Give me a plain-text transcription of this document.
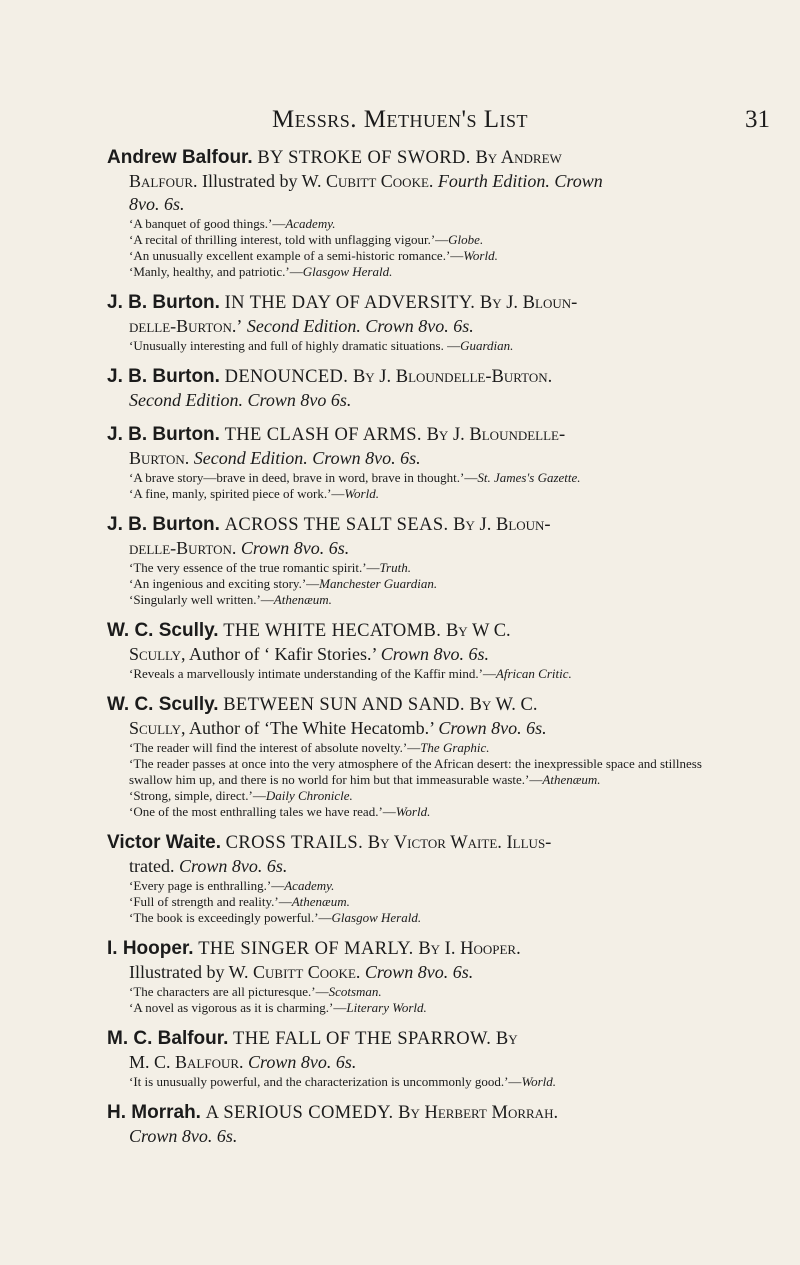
Messrs. Methuen's List	31
Andrew Balfour. BY STROKE OF SWORD. By Andrew
Balfour. Illustrated by W. Cubitt Cooke. Fourth Edition. Crown
8vo. 6s.
‘A banquet of good things.’—Academy.
‘A recital of thrilling interest, told with unflagging vigour.’—Globe.
‘An unusually excellent example of a semi-historic romance.’—World.
‘Manly, healthy, and patriotic.’—Glasgow Herald.
J. B. Burton. IN THE DAY OF ADVERSITY. By J. Bloun-
delle-Burton.’ Second Edition. Crown 8vo. 6s.
‘Unusually interesting and full of highly dramatic situations. —Guardian.
J. B. Burton. DENOUNCED. By J. Bloundelle-Burton.
Second Edition. Crown 8vo 6s.
J. B. Burton. THE CLASH OF ARMS. By J. Bloundelle-
Burton. Second Edition. Crown 8vo. 6s.
‘A brave story—brave in deed, brave in word, brave in thought.’—St. James's Gazette.
‘A fine, manly, spirited piece of work.’—World.
J. B. Burton. ACROSS THE SALT SEAS. By J. Bloun-
delle-Burton. Crown 8vo. 6s.
‘The very essence of the true romantic spirit.’—Truth.
‘An ingenious and exciting story.’—Manchester Guardian.
‘Singularly well written.’—Athenæum.
W. C. Scully. THE WHITE HECATOMB. By W C.
Scully, Author of ‘ Kafir Stories.’ Crown 8vo. 6s.
‘Reveals a marvellously intimate understanding of the Kaffir mind.’—African Critic.
W. C. Scully. BETWEEN SUN AND SAND. By W. C.
Scully, Author of ‘The White Hecatomb.’ Crown 8vo. 6s.
‘The reader will find the interest of absolute novelty.’—The Graphic.
‘The reader passes at once into the very atmosphere of the African desert: the inexpressible space and stillness swallow him up, and there is no world for him but that immeasurable waste.’—Athenæum.
‘Strong, simple, direct.’—Daily Chronicle.
‘One of the most enthralling tales we have read.’—World.
Victor Waite. CROSS TRAILS. By Victor Waite. Illus-
trated. Crown 8vo. 6s.
‘Every page is enthralling.’—Academy.
‘Full of strength and reality.’—Athenæum.
‘The book is exceedingly powerful.’—Glasgow Herald.
I. Hooper. THE SINGER OF MARLY. By I. Hooper.
Illustrated by W. Cubitt Cooke. Crown 8vo. 6s.
‘The characters are all picturesque.’—Scotsman.
‘A novel as vigorous as it is charming.’—Literary World.
M. C. Balfour. THE FALL OF THE SPARROW. By
M. C. Balfour. Crown 8vo. 6s.
‘It is unusually powerful, and the characterization is uncommonly good.’—World.
H. Morrah. A SERIOUS COMEDY. By Herbert Morrah.
Crown 8vo. 6s.
